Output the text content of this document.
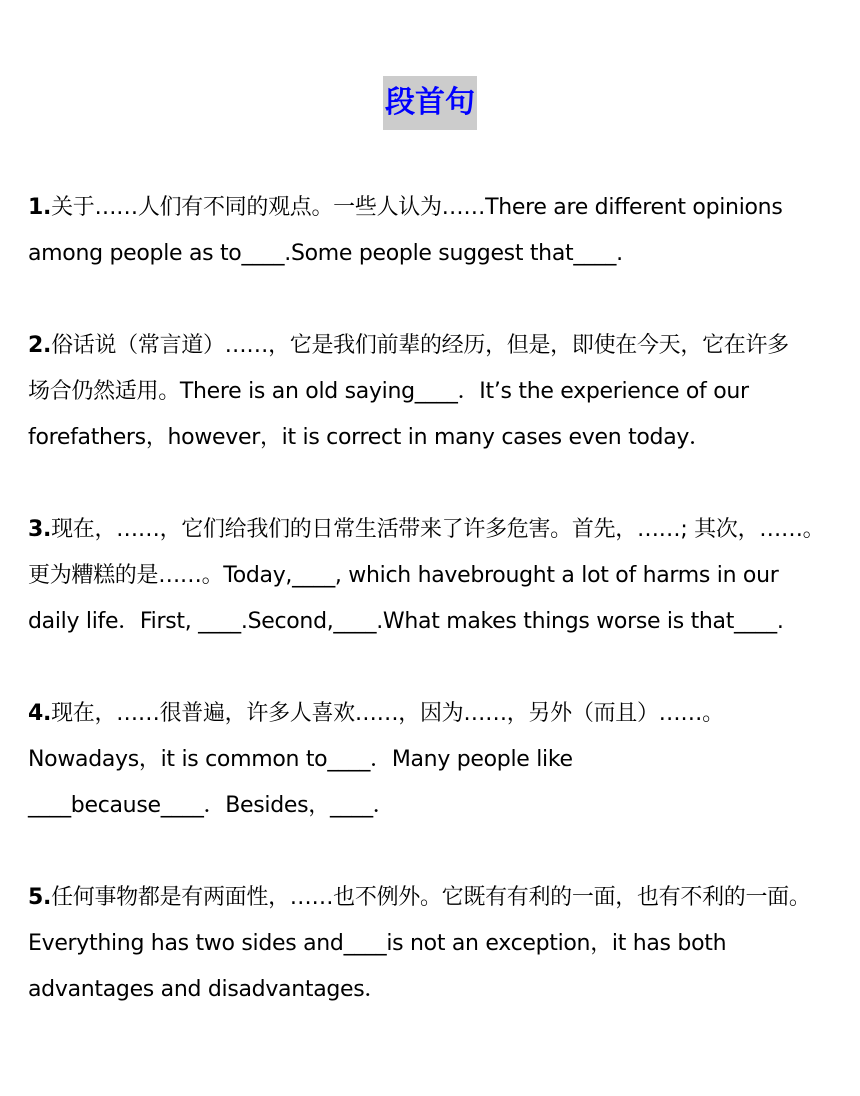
段首句
1.关于……人们有不同的观点。一些人认为……There are different opinions
among people as to____.Some people suggest that____.
2.俗话说（常言道）……，它是我们前辈的经历，但是，即使在今天，它在许多
场合仍然适用。There is an old saying____．It’s the experience of our
forefathers，however，it is correct in many cases even today．
3.现在，……，它们给我们的日常生活带来了许多危害。首先，……; 其次，……。
更为糟糕的是……。Today,____, which havebrought a lot of harms in our
daily life．First, ____.Second,____.What makes things worse is that____.
4.现在，……很普遍，许多人喜欢……，因为……，另外（而且）……。
Nowadays，it is common to____．Many people like
____because____．Besides，____．
5.任何事物都是有两面性，……也不例外。它既有有利的一面，也有不利的一面。
Everything has two sides and____is not an exception，it has both
advantages and disadvantages．
